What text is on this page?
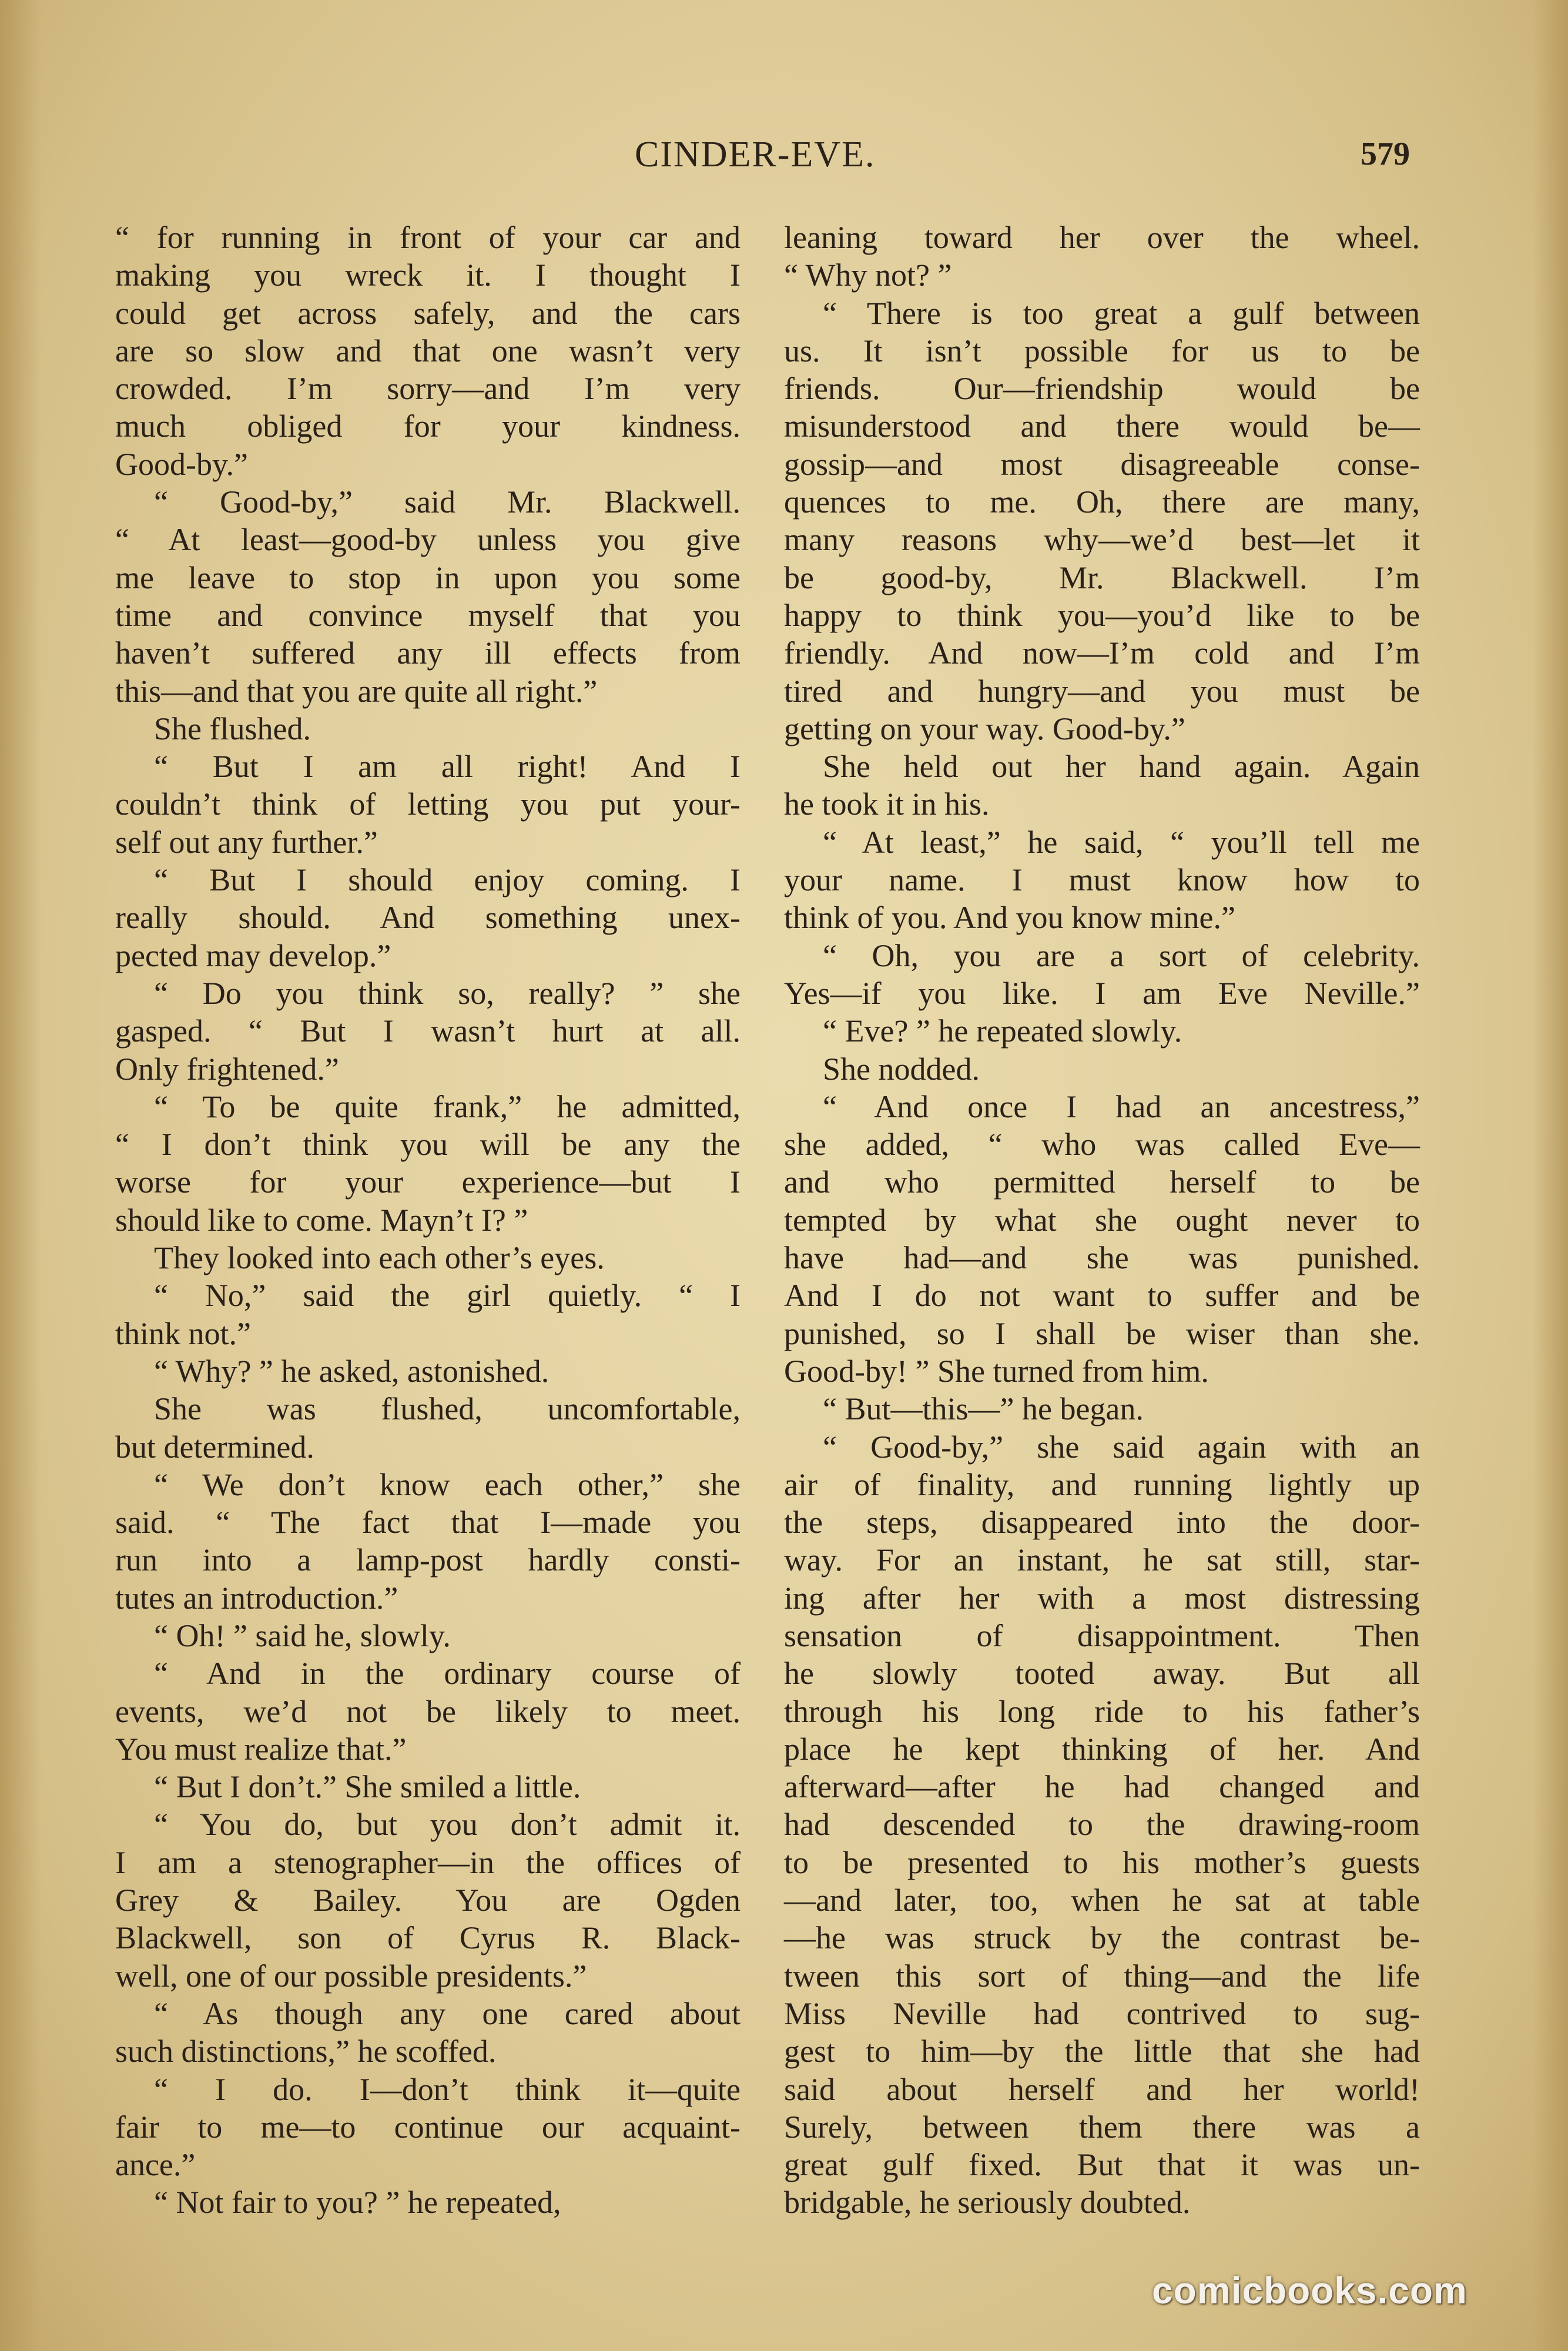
CINDER-EVE.	579
“ for running in front of your car and
making you wreck it. I thought I
could get across safely, and the cars
are so slow and that one wasn’t very
crowded. I’m sorry—and I’m very
much obliged for your kindness.
Good-by.”
“ Good-by,” said Mr. Blackwell.
“ At least—good-by unless you give
me leave to stop in upon you some
time and convince myself that you
haven’t suffered any ill effects from
this—and that you are quite all right.”
She flushed.
“ But I am all right! And I
couldn’t think of letting you put your-
self out any further.”
“ But I should enjoy coming. I
really should. And something unex-
pected may develop.”
“ Do you think so, really? ” she
gasped. “ But I wasn’t hurt at all.
Only frightened.”
“ To be quite frank,” he admitted,
“ I don’t think you will be any the
worse for your experience—but I
should like to come. Mayn’t I? ”
They looked into each other’s eyes.
“ No,” said the girl quietly. “ I
think not.”
“ Why? ” he asked, astonished.
She was flushed, uncomfortable,
but determined.
“ We don’t know each other,” she
said. “ The fact that I—made you
run into a lamp-post hardly consti-
tutes an introduction.”
“ Oh! ” said he, slowly.
“ And in the ordinary course of
events, we’d not be likely to meet.
You must realize that.”
“ But I don’t.” She smiled a little.
“ You do, but you don’t admit it.
I am a stenographer—in the offices of
Grey & Bailey. You are Ogden
Blackwell, son of Cyrus R. Black-
well, one of our possible presidents.”
“ As though any one cared about
such distinctions,” he scoffed.
“ I do. I—don’t think it—quite
fair to me—to continue our acquaint-
ance.”
“ Not fair to you? ” he repeated,
leaning toward her over the wheel.
“ Why not? ”
“ There is too great a gulf between
us. It isn’t possible for us to be
friends. Our—friendship would be
misunderstood and there would be—
gossip—and most disagreeable conse-
quences to me. Oh, there are many,
many reasons why—we’d best—let it
be good-by, Mr. Blackwell. I’m
happy to think you—you’d like to be
friendly. And now—I’m cold and I’m
tired and hungry—and you must be
getting on your way. Good-by.”
She held out her hand again. Again
he took it in his.
“ At least,” he said, “ you’ll tell me
your name. I must know how to
think of you. And you know mine.”
“ Oh, you are a sort of celebrity.
Yes—if you like. I am Eve Neville.”
“ Eve? ” he repeated slowly.
She nodded.
“ And once I had an ancestress,”
she added, “ who was called Eve—
and who permitted herself to be
tempted by what she ought never to
have had—and she was punished.
And I do not want to suffer and be
punished, so I shall be wiser than she.
Good-by! ” She turned from him.
“ But—this—” he began.
“ Good-by,” she said again with an
air of finality, and running lightly up
the steps, disappeared into the door-
way. For an instant, he sat still, star-
ing after her with a most distressing
sensation of disappointment. Then
he slowly tooted away. But all
through his long ride to his father’s
place he kept thinking of her. And
afterward—after he had changed and
had descended to the drawing-room
to be presented to his mother’s guests
—and later, too, when he sat at table
—he was struck by the contrast be-
tween this sort of thing—and the life
Miss Neville had contrived to sug-
gest to him—by the little that she had
said about herself and her world!
Surely, between them there was a
great gulf fixed. But that it was un-
bridgable, he seriously doubted.
comicbooks.com
